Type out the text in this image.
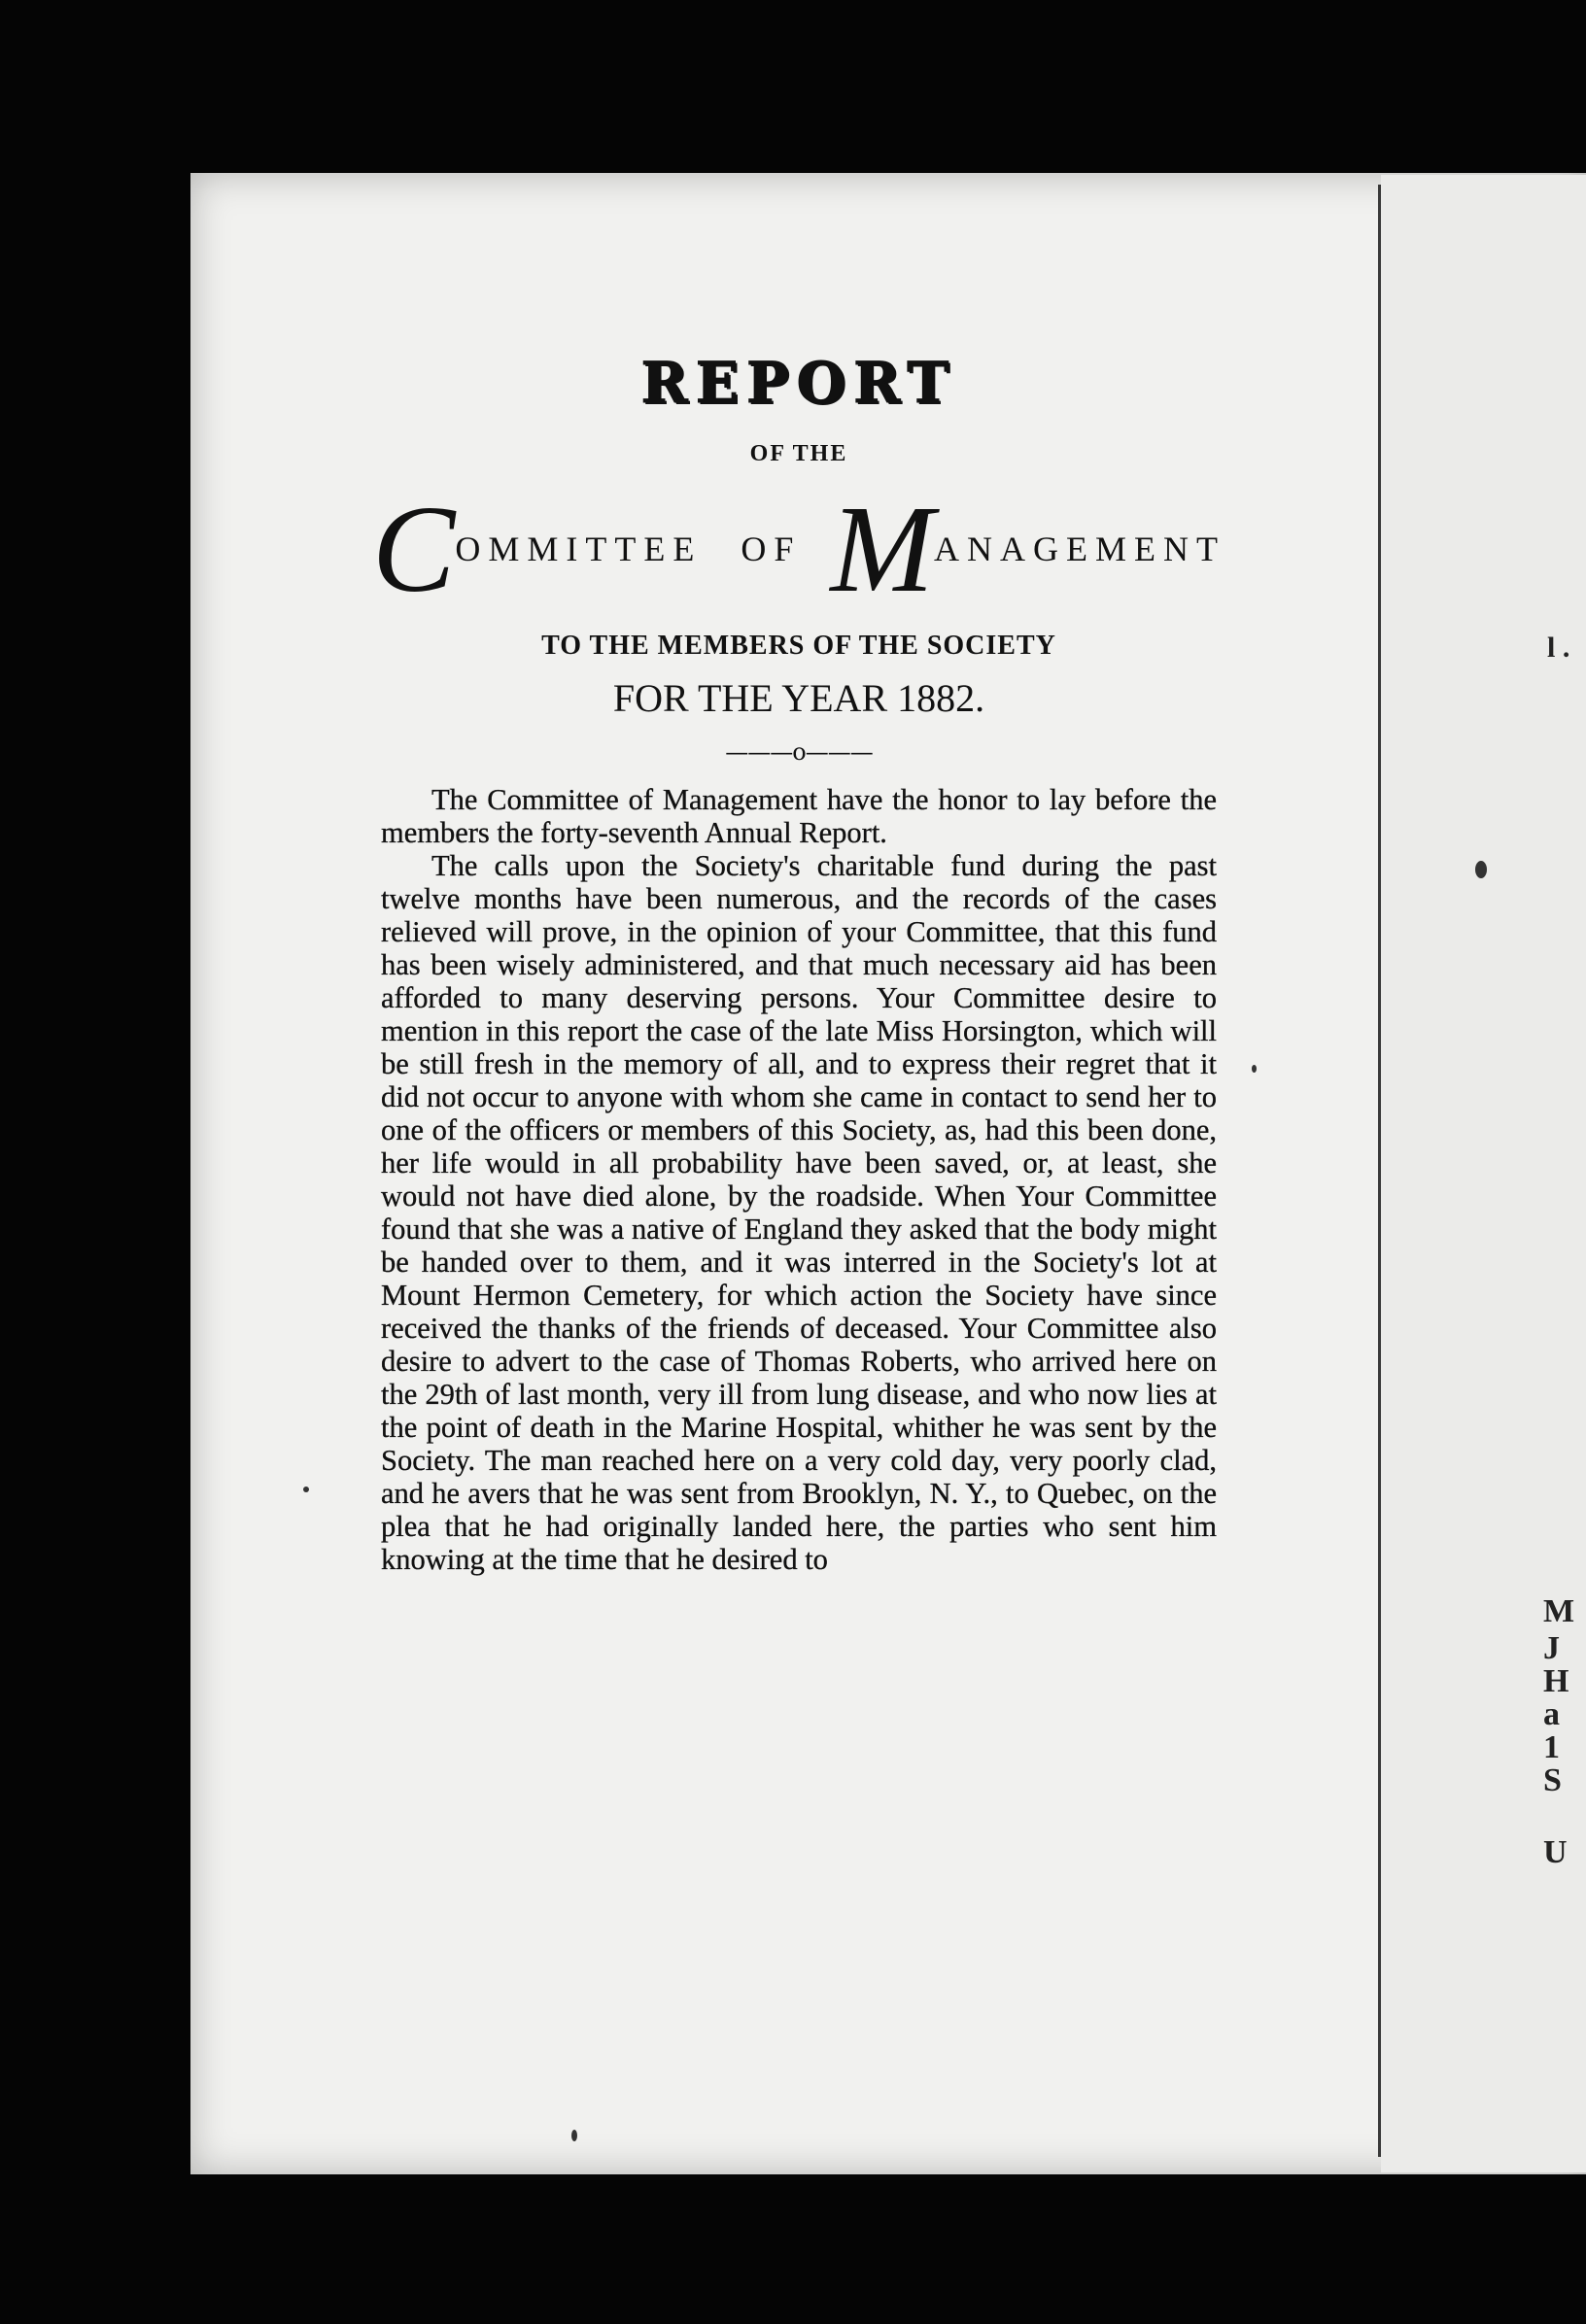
l .
M
J
H
a
1
S
U
REPORT
OF THE
C OMMITTEE OF M ANAGEMENT
TO THE MEMBERS OF THE SOCIETY
FOR THE YEAR 1882.
———o———

The Committee of Management have the honor to lay before the members the forty-seventh Annual Report.

The calls upon the Society's charitable fund during the past twelve months have been numerous, and the records of the cases relieved will prove, in the opinion of your Committee, that this fund has been wisely administered, and that much necessary aid has been afforded to many deserving persons. Your Committee desire to mention in this report the case of the late Miss Horsington, which will be still fresh in the memory of all, and to express their regret that it did not occur to anyone with whom she came in contact to send her to one of the officers or members of this Society, as, had this been done, her life would in all probability have been saved, or, at least, she would not have died alone, by the roadside. When Your Committee found that she was a native of England they asked that the body might be handed over to them, and it was interred in the Society's lot at Mount Hermon Cemetery, for which action the Society have since received the thanks of the friends of deceased. Your Committee also desire to advert to the case of Thomas Roberts, who arrived here on the 29th of last month, very ill from lung disease, and who now lies at the point of death in the Marine Hospital, whither he was sent by the Society. The man reached here on a very cold day, very poorly clad, and he avers that he was sent from Brooklyn, N. Y., to Quebec, on the plea that he had originally landed here, the parties who sent him knowing at the time that he desired to
